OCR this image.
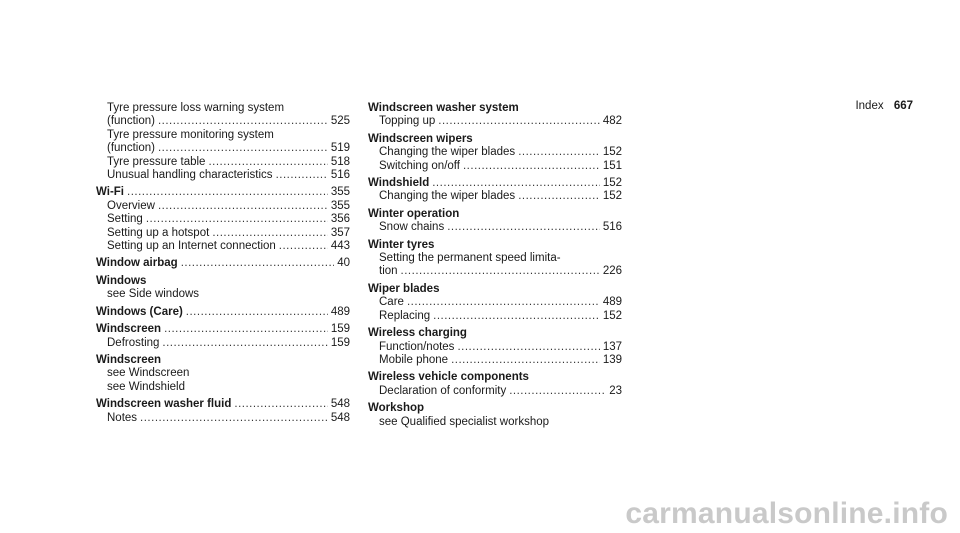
Index 667
Tyre pressure loss warning system
(function) .....	525
Tyre pressure monitoring system
(function) .....	519
Tyre pressure table .....	518
Unusual handling characteristics .....	516
Wi-Fi .....	355
Overview .....	355
Setting .....	356
Setting up a hotspot .....	357
Setting up an Internet connection .....	443
Window airbag .....	40
Windows
see Side windows
Windows (Care) .....	489
Windscreen .....	159
Defrosting .....	159
Windscreen
see Windscreen
see Windshield
Windscreen washer fluid .....	548
Notes .....	548
Windscreen washer system
Topping up .....	482
Windscreen wipers
Changing the wiper blades .....	152
Switching on/off .....	151
Windshield .....	152
Changing the wiper blades .....	152
Winter operation
Snow chains .....	516
Winter tyres
Setting the permanent speed limita-
tion .....	226
Wiper blades
Care .....	489
Replacing .....	152
Wireless charging
Function/notes .....	137
Mobile phone .....	139
Wireless vehicle components
Declaration of conformity .....	23
Workshop
see Qualified specialist workshop
carmanualsonline.info
